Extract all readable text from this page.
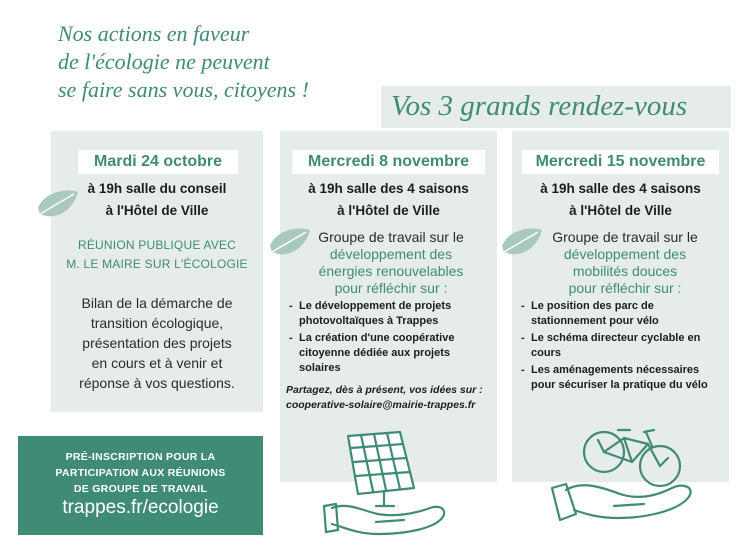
Nos actions en faveur
de l'écologie ne peuvent
se faire sans vous, citoyens !
Vos 3 grands rendez-vous
Mardi 24 octobre
à 19h salle du conseil
à l'Hôtel de Ville
RÉUNION PUBLIQUE AVEC
M. LE MAIRE SUR L'ÉCOLOGIE
Bilan de la démarche de
transition écologique,
présentation des projets
en cours et à venir et
réponse à vos questions.
Mercredi 8 novembre
à 19h salle des 4 saisons
à l'Hôtel de Ville
Groupe de travail sur le
développement des
énergies renouvelables
pour réfléchir sur :
- Le développement de projets photovoltaïques à Trappes
- La création d'une coopérative citoyenne dédiée aux projets solaires
Partagez, dès à présent, vos idées sur :
cooperative-solaire@mairie-trappes.fr
Mercredi 15 novembre
à 19h salle des 4 saisons
à l'Hôtel de Ville
Groupe de travail sur le
développement des
mobilités douces
pour réfléchir sur :
- Le position des parc de stationnement pour vélo
- Le schéma directeur cyclable en cours
- Les aménagements nécessaires pour sécuriser la pratique du vélo
PRÉ-INSCRIPTION POUR LA
PARTICIPATION AUX RÉUNIONS
DE GROUPE DE TRAVAIL
trappes.fr/ecologie
